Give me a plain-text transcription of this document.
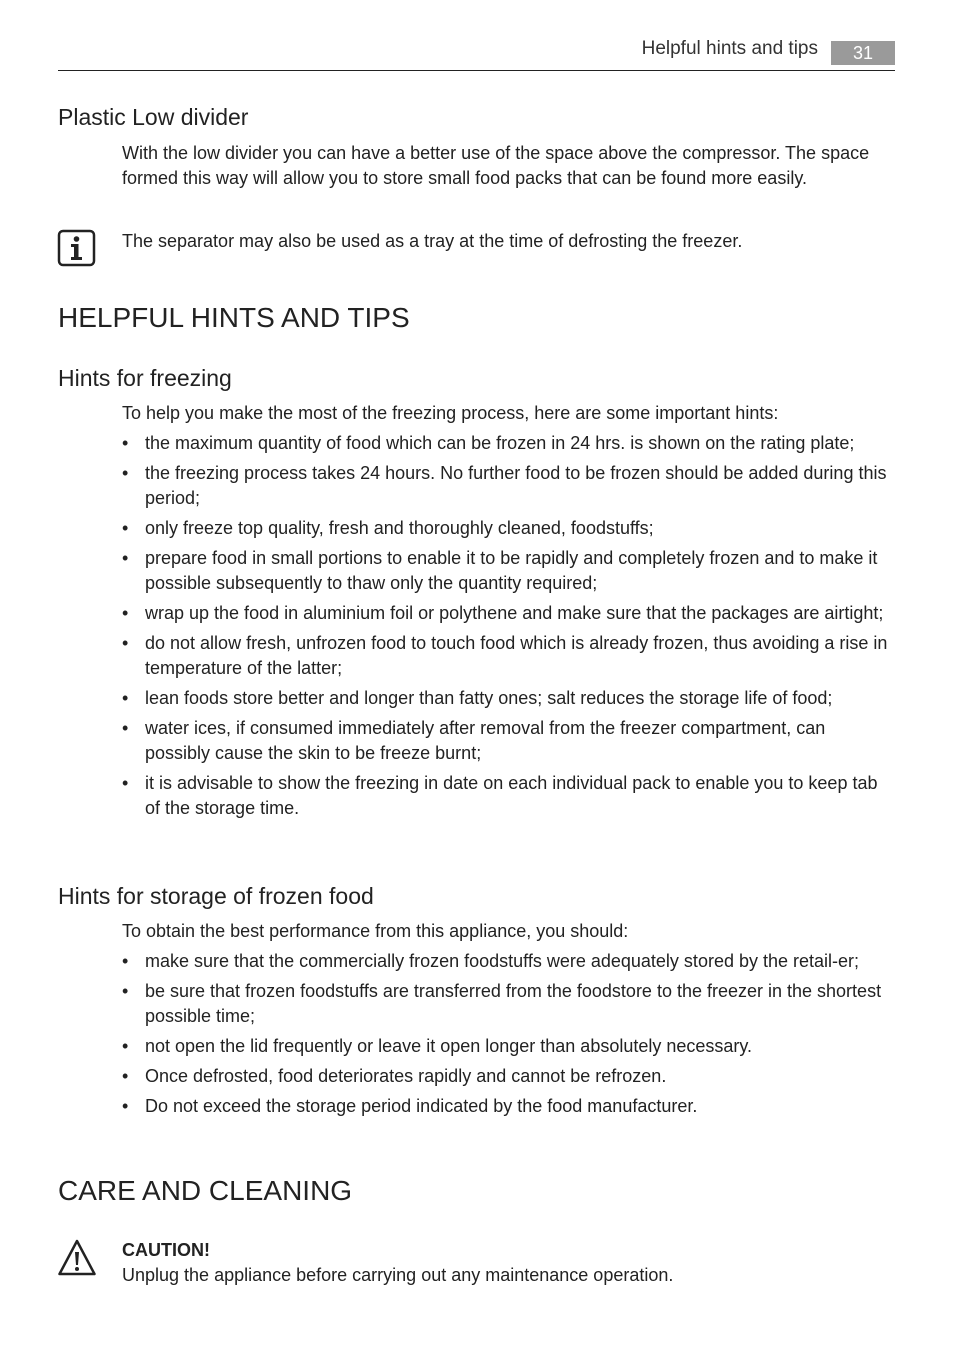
Helpful hints and tips	31
Plastic Low divider
With the low divider you can have a better use of the space above the compressor. The space formed this way will allow you to store small food packs that can be found more easily.
The separator may also be used as a tray at the time of defrosting the freezer.
HELPFUL HINTS AND TIPS
Hints for freezing
To help you make the most of the freezing process, here are some important hints:
• the maximum quantity of food which can be frozen in 24 hrs. is shown on the rating plate;
• the freezing process takes 24 hours. No further food to be frozen should be added during this period;
• only freeze top quality, fresh and thoroughly cleaned, foodstuffs;
• prepare food in small portions to enable it to be rapidly and completely frozen and to make it possible subsequently to thaw only the quantity required;
• wrap up the food in aluminium foil or polythene and make sure that the packages are airtight;
• do not allow fresh, unfrozen food to touch food which is already frozen, thus avoiding a rise in temperature of the latter;
• lean foods store better and longer than fatty ones; salt reduces the storage life of food;
• water ices, if consumed immediately after removal from the freezer compartment, can possibly cause the skin to be freeze burnt;
• it is advisable to show the freezing in date on each individual pack to enable you to keep tab of the storage time.
Hints for storage of frozen food
To obtain the best performance from this appliance, you should:
• make sure that the commercially frozen foodstuffs were adequately stored by the retail-er;
• be sure that frozen foodstuffs are transferred from the foodstore to the freezer in the shortest possible time;
• not open the lid frequently or leave it open longer than absolutely necessary.
• Once defrosted, food deteriorates rapidly and cannot be refrozen.
• Do not exceed the storage period indicated by the food manufacturer.
CARE AND CLEANING
CAUTION!
Unplug the appliance before carrying out any maintenance operation.
